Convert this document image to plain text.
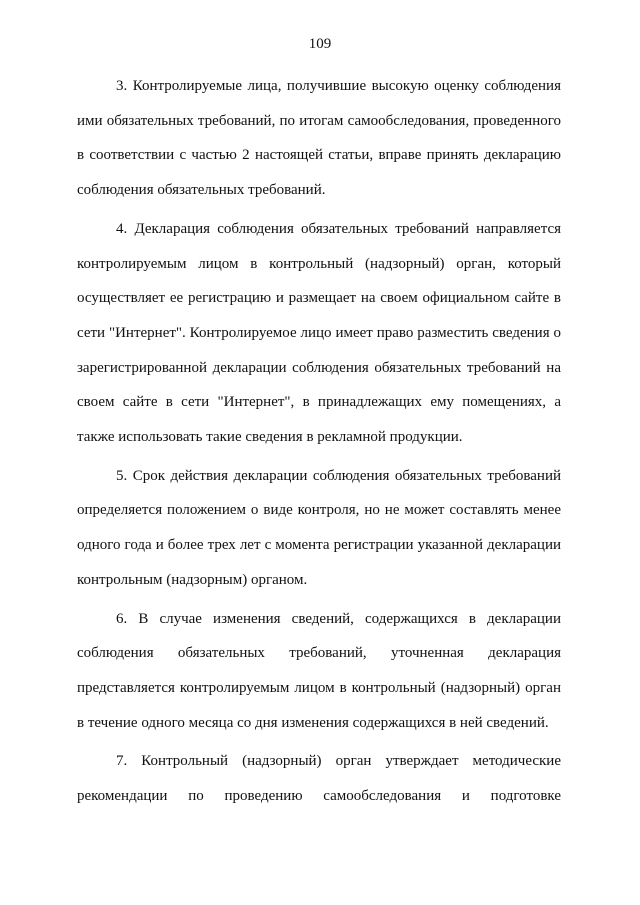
109

3. Контролируемые лица, получившие высокую оценку соблюдения ими обязательных требований, по итогам самообследования, проведенного в соответствии с частью 2 настоящей статьи, вправе принять декларацию соблюдения обязательных требований.

4. Декларация соблюдения обязательных требований направляется контролируемым лицом в контрольный (надзорный) орган, который осуществляет ее регистрацию и размещает на своем официальном сайте в сети "Интернет". Контролируемое лицо имеет право разместить сведения о зарегистрированной декларации соблюдения обязательных требований на своем сайте в сети "Интернет", в принадлежащих ему помещениях, а также использовать такие сведения в рекламной продукции.

5. Срок действия декларации соблюдения обязательных требований определяется положением о виде контроля, но не может составлять менее одного года и более трех лет с момента регистрации указанной декларации контрольным (надзорным) органом.

6. В случае изменения сведений, содержащихся в декларации соблюдения обязательных требований, уточненная декларация представляется контролируемым лицом в контрольный (надзорный) орган в течение одного месяца со дня изменения содержащихся в ней сведений.

7. Контрольный (надзорный) орган утверждает методические рекомендации по проведению самообследования и подготовке
